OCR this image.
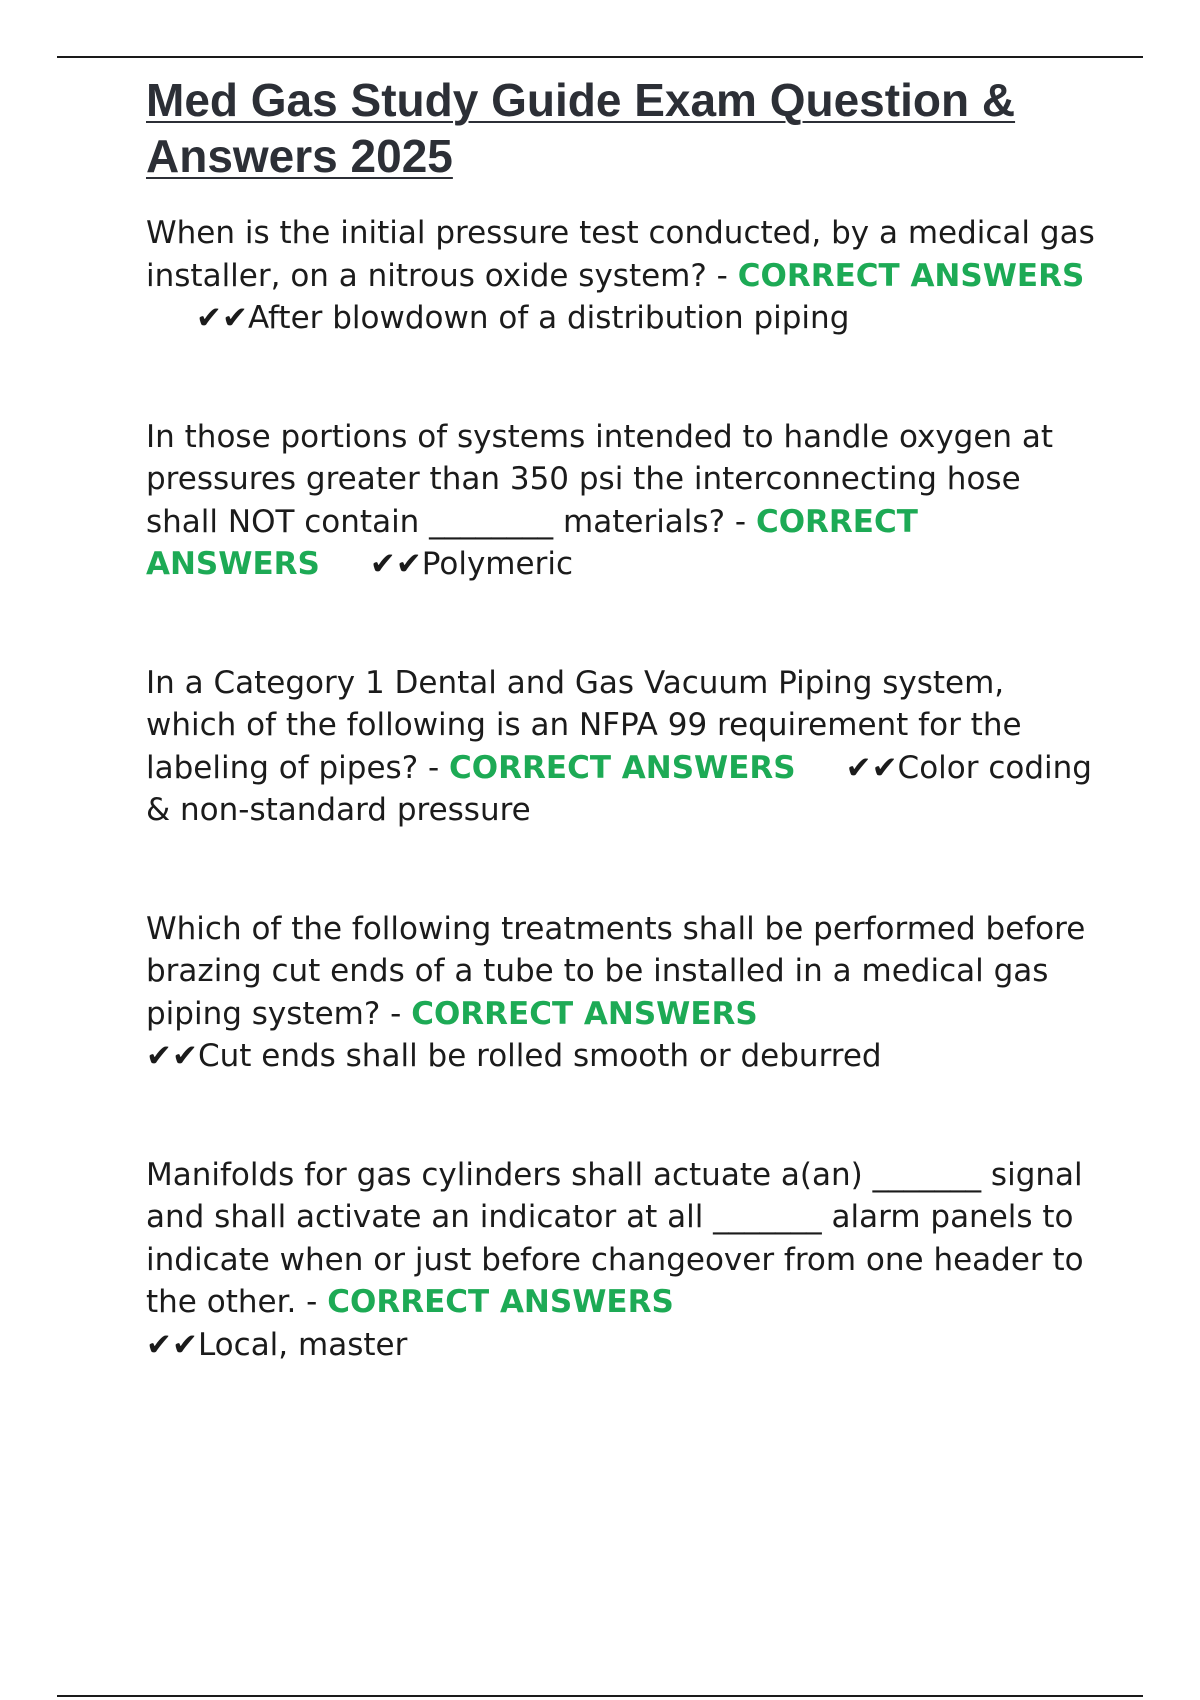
Med Gas Study Guide Exam Question & Answers 2025

When is the initial pressure test conducted, by a medical gas installer, on a nitrous oxide system? - CORRECT ANSWERS✔✔After blowdown of a distribution piping

In those portions of systems intended to handle oxygen at pressures greater than 350 psi the interconnecting hose shall NOT contain ________ materials? - CORRECT ANSWERS ✔✔Polymeric

In a Category 1 Dental and Gas Vacuum Piping system, which of the following is an NFPA 99 requirement for the labeling of pipes? - CORRECT ANSWERS ✔✔Color coding & non-standard pressure

Which of the following treatments shall be performed before brazing cut ends of a tube to be installed in a medical gas piping system? - CORRECT ANSWERS
✔✔Cut ends shall be rolled smooth or deburred

Manifolds for gas cylinders shall actuate a(an) _______ signal and shall activate an indicator at all _______ alarm panels to indicate when or just before changeover from one header to the other. - CORRECT ANSWERS
✔✔Local, master
